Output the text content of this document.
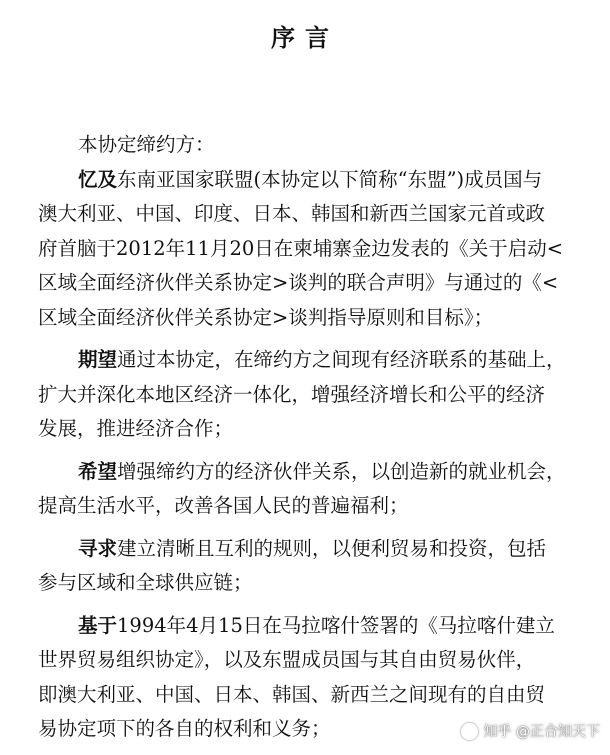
序言
本协定缔约方：
忆及东南亚国家联盟(本协定以下简称“东盟”)成员国与
澳大利亚、中国、印度、日本、韩国和新西兰国家元首或政
府首脑于2012年11月20日在柬埔寨金边发表的《关于启动<
区域全面经济伙伴关系协定>谈判的联合声明》与通过的《<
区域全面经济伙伴关系协定>谈判指导原则和目标》；
期望通过本协定，在缔约方之间现有经济联系的基础上，
扩大并深化本地区经济一体化，增强经济增长和公平的经济
发展，推进经济合作；
希望增强缔约方的经济伙伴关系，以创造新的就业机会，
提高生活水平，改善各国人民的普遍福利；
寻求建立清晰且互利的规则，以便利贸易和投资，包括
参与区域和全球供应链；
基于1994年4月15日在马拉喀什签署的《马拉喀什建立
世界贸易组织协定》，以及东盟成员国与其自由贸易伙伴，
即澳大利亚、中国、日本、韩国、新西兰之间现有的自由贸
易协定项下的各自的权利和义务；	知乎 @正合知天下
